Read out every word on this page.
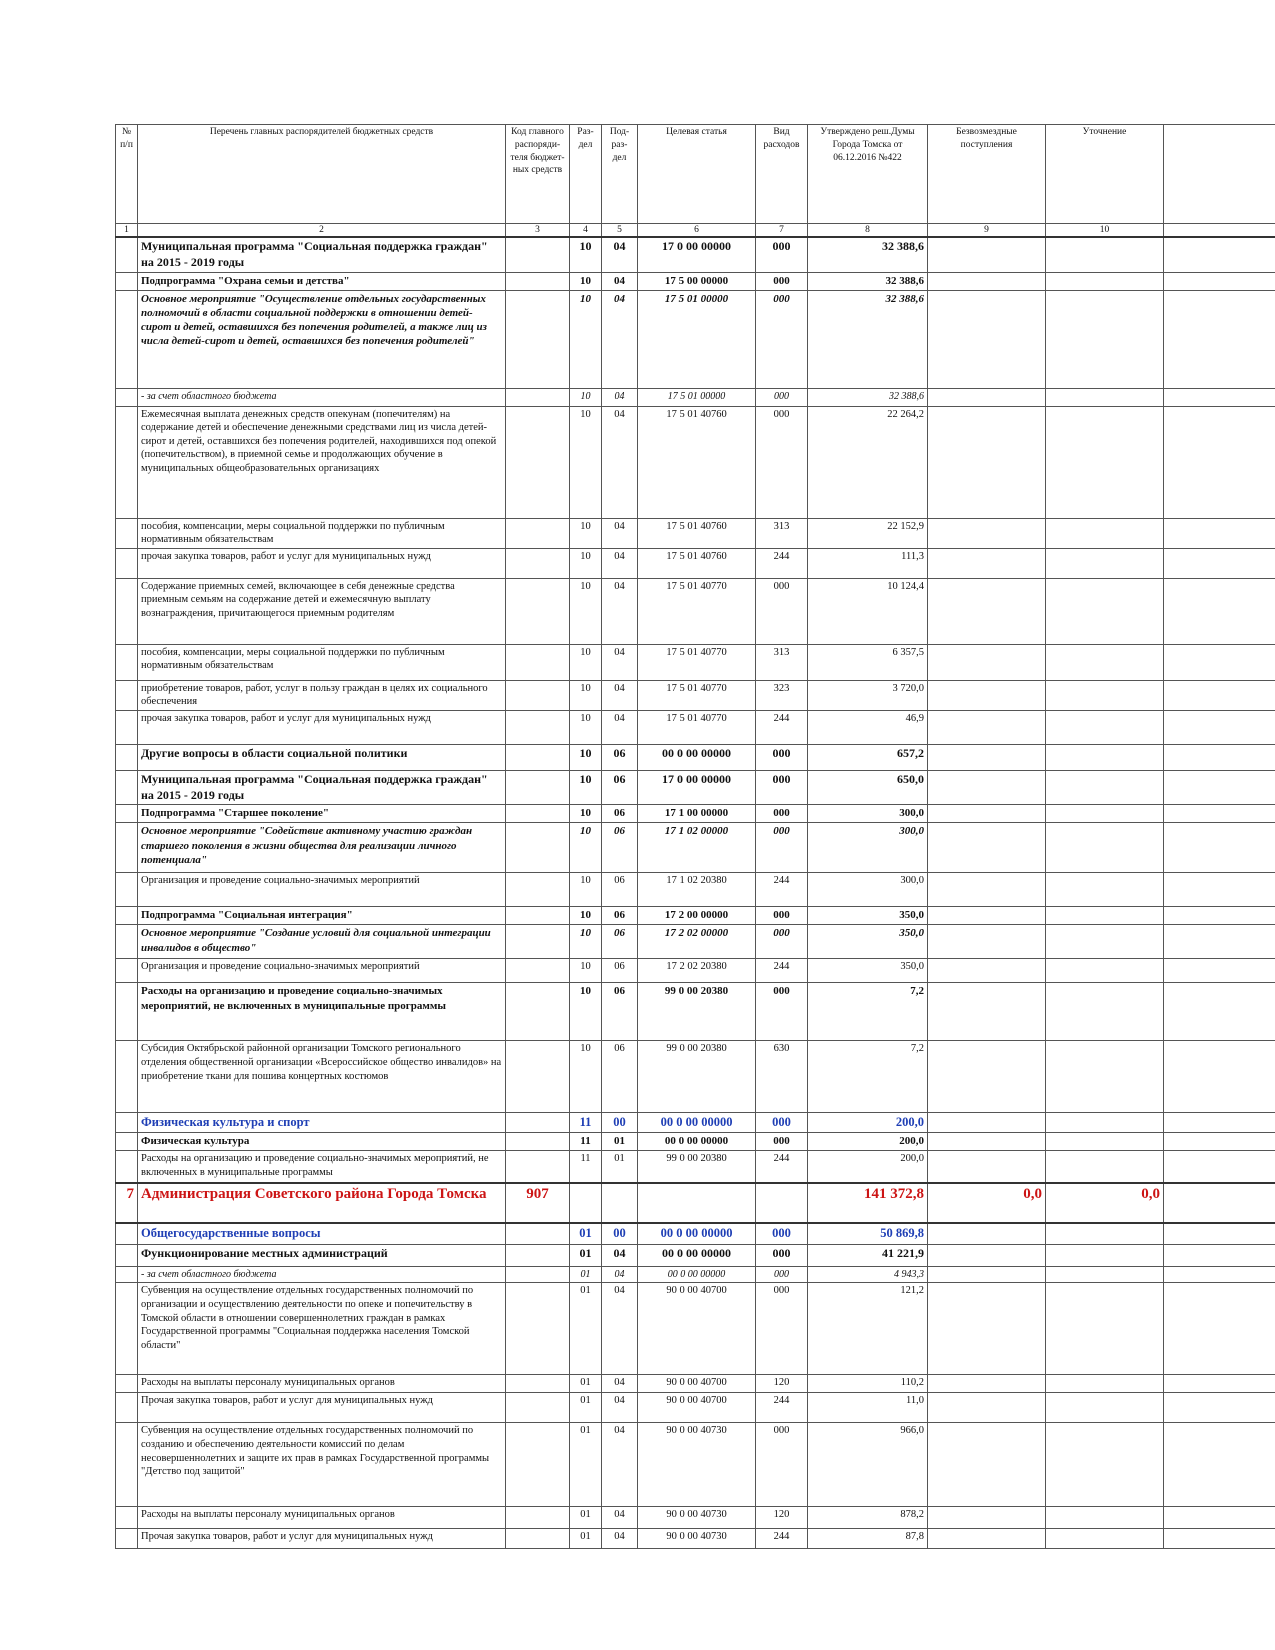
№ п/п	Перечень главных распорядителей бюджетных средств	Код главного распоряди-теля бюджет-ных средств	Раз-дел	Под-раз-дел	Целевая статья	Вид расходов	Утверждено реш.Думы Города Томска от 06.12.2016 №422	Безвозмездные поступления	Уточнение	
1	2	3	4	5	6	7	8	9	10	
	Муниципальная программа "Социальная поддержка граждан" на 2015 - 2019 годы		10	04	17 0 00 00000	000	32 388,6			
	Подпрограмма "Охрана семьи и детства"		10	04	17 5 00 00000	000	32 388,6			
	Основное мероприятие "Осуществление отдельных государственных полномочий в области социальной поддержки в отношении детей-сирот и детей, оставшихся без попечения родителей, а также лиц из числа детей-сирот и детей, оставшихся без попечения родителей"		10	04	17 5 01 00000	000	32 388,6			
	- за счет областного бюджета		10	04	17 5 01 00000	000	32 388,6			
	Ежемесячная выплата денежных средств опекунам (попечителям) на содержание детей и обеспечение денежными средствами лиц из числа детей-сирот и детей, оставшихся без попечения родителей, находившихся под опекой (попечительством), в приемной семье и продолжающих обучение в муниципальных общеобразовательных организациях		10	04	17 5 01 40760	000	22 264,2			
	пособия, компенсации, меры социальной поддержки по публичным нормативным обязательствам		10	04	17 5 01 40760	313	22 152,9			
	прочая закупка товаров, работ и услуг для муниципальных нужд		10	04	17 5 01 40760	244	111,3			
	Содержание приемных семей, включающее в себя денежные средства приемным семьям на содержание детей и ежемесячную выплату вознаграждения, причитающегося приемным родителям		10	04	17 5 01 40770	000	10 124,4			
	пособия, компенсации, меры социальной поддержки по публичным нормативным обязательствам		10	04	17 5 01 40770	313	6 357,5			
	приобретение товаров, работ, услуг в пользу граждан в целях их социального обеспечения		10	04	17 5 01 40770	323	3 720,0			
	прочая закупка товаров, работ и услуг для муниципальных нужд		10	04	17 5 01 40770	244	46,9			
	Другие вопросы в области социальной политики		10	06	00 0 00 00000	000	657,2			
	Муниципальная программа "Социальная поддержка граждан" на 2015 - 2019 годы		10	06	17 0 00 00000	000	650,0			
	Подпрограмма "Старшее поколение"		10	06	17 1 00 00000	000	300,0			
	Основное мероприятие "Содействие активному участию граждан старшего поколения в жизни общества для реализации личного потенциала"		10	06	17 1 02 00000	000	300,0			
	Организация и проведение социально-значимых мероприятий		10	06	17 1 02 20380	244	300,0			
	Подпрограмма "Социальная интеграция"		10	06	17 2 00 00000	000	350,0			
	Основное мероприятие "Создание условий для социальной интеграции инвалидов в общество"		10	06	17 2 02 00000	000	350,0			
	Организация и проведение социально-значимых мероприятий		10	06	17 2 02 20380	244	350,0			
	Расходы на организацию и проведение социально-значимых мероприятий, не включенных в муниципальные программы		10	06	99 0 00 20380	000	7,2			
	Субсидия Октябрьской районной организации Томского регионального отделения общественной организации «Всероссийское общество инвалидов» на приобретение ткани для пошива концертных костюмов		10	06	99 0 00 20380	630	7,2			
	Физическая культура и спорт		11	00	00 0 00 00000	000	200,0			
	Физическая культура		11	01	00 0 00 00000	000	200,0			
	Расходы на организацию и проведение социально-значимых мероприятий, не включенных в муниципальные программы		11	01	99 0 00 20380	244	200,0			
7	Администрация Советского района Города Томска	907					141 372,8	0,0	0,0	
	Общегосударственные вопросы		01	00	00 0 00 00000	000	50 869,8			
	Функционирование местных администраций		01	04	00 0 00 00000	000	41 221,9			
	- за счет областного бюджета		01	04	00 0 00 00000	000	4 943,3			
	Субвенция на осуществление отдельных государственных полномочий по организации и осуществлению деятельности по опеке и попечительству в Томской области в отношении совершеннолетних граждан в рамках Государственной программы "Социальная поддержка населения Томской области"		01	04	90 0 00 40700	000	121,2			
	Расходы на выплаты персоналу муниципальных органов		01	04	90 0 00 40700	120	110,2			
	Прочая закупка товаров, работ и услуг для муниципальных нужд		01	04	90 0 00 40700	244	11,0			
	Субвенция на осуществление отдельных государственных полномочий по созданию и обеспечению деятельности комиссий по делам несовершеннолетних и защите их прав в рамках Государственной программы "Детство под защитой"		01	04	90 0 00 40730	000	966,0			
	Расходы на выплаты персоналу муниципальных органов		01	04	90 0 00 40730	120	878,2			
	Прочая закупка товаров, работ и услуг для муниципальных нужд		01	04	90 0 00 40730	244	87,8			
